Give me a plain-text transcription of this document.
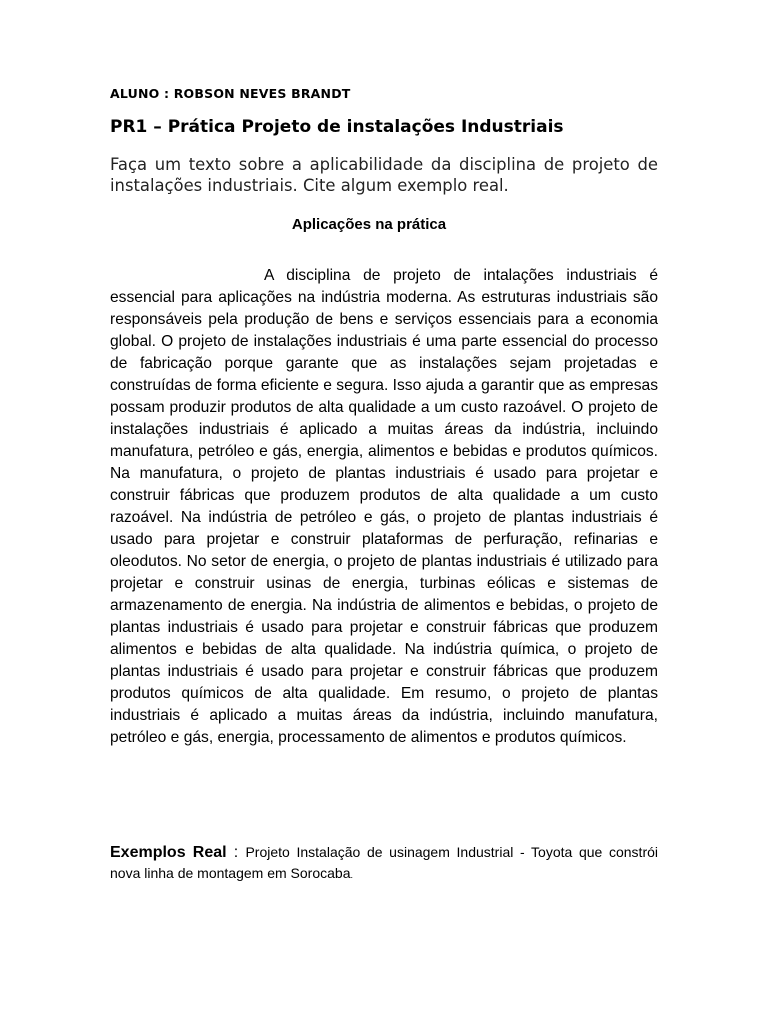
ALUNO : ROBSON NEVES BRANDT
PR1 – Prática Projeto de instalações Industriais
Faça um texto sobre a aplicabilidade da disciplina de projeto de instalações industriais. Cite algum exemplo real.
Aplicações na prática

A disciplina de projeto de intalações industriais é essencial para aplicações na indústria moderna. As estruturas industriais são responsáveis pela produção de bens e serviços essenciais para a economia global. O projeto de instalações industriais é uma parte essencial do processo de fabricação porque garante que as instalações sejam projetadas e construídas de forma eficiente e segura. Isso ajuda a garantir que as empresas possam produzir produtos de alta qualidade a um custo razoável. O projeto de instalações industriais é aplicado a muitas áreas da indústria, incluindo manufatura, petróleo e gás, energia, alimentos e bebidas e produtos químicos. Na manufatura, o projeto de plantas industriais é usado para projetar e construir fábricas que produzem produtos de alta qualidade a um custo razoável. Na indústria de petróleo e gás, o projeto de plantas industriais é usado para projetar e construir plataformas de perfuração, refinarias e oleodutos. No setor de energia, o projeto de plantas industriais é utilizado para projetar e construir usinas de energia, turbinas eólicas e sistemas de armazenamento de energia. Na indústria de alimentos e bebidas, o projeto de plantas industriais é usado para projetar e construir fábricas que produzem alimentos e bebidas de alta qualidade. Na indústria química, o projeto de plantas industriais é usado para projetar e construir fábricas que produzem produtos químicos de alta qualidade. Em resumo, o projeto de plantas industriais é aplicado a muitas áreas da indústria, incluindo manufatura, petróleo e gás, energia, processamento de alimentos e produtos químicos.

Exemplos Real : Projeto Instalação de usinagem Industrial - Toyota que constrói nova linha de montagem em Sorocaba.
